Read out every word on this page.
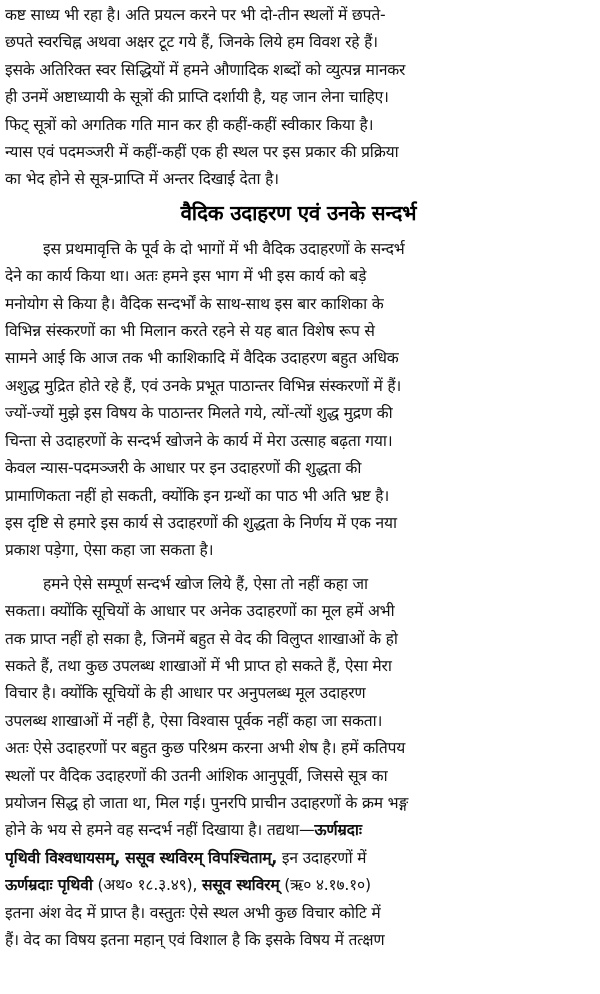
कष्ट साध्य भी रहा है। अति प्रयत्न करने पर भी दो-तीन स्थलों में छपते-
छपते स्वरचिह्न अथवा अक्षर टूट गये हैं, जिनके लिये हम विवश रहे हैं।
इसके अतिरिक्त स्वर सिद्धियों में हमने औणादिक शब्दों को व्युत्पन्न मानकर
ही उनमें अष्टाध्यायी के सूत्रों की प्राप्ति दर्शायी है, यह जान लेना चाहिए।
फिट् सूत्रों को अगतिक गति मान कर ही कहीं-कहीं स्वीकार किया है।
न्यास एवं पदमञ्जरी में कहीं-कहीं एक ही स्थल पर इस प्रकार की प्रक्रिया
का भेद होने से सूत्र-प्राप्ति में अन्तर दिखाई देता है।
वैदिक उदाहरण एवं उनके सन्दर्भ
इस प्रथमावृत्ति के पूर्व के दो भागों में भी वैदिक उदाहरणों के सन्दर्भ
देने का कार्य किया था। अतः हमने इस भाग में भी इस कार्य को बड़े
मनोयोग से किया है। वैदिक सन्दर्भों के साथ-साथ इस बार काशिका के
विभिन्न संस्करणों का भी मिलान करते रहने से यह बात विशेष रूप से
सामने आई कि आज तक भी काशिकादि में वैदिक उदाहरण बहुत अधिक
अशुद्ध मुद्रित होते रहे हैं, एवं उनके प्रभूत पाठान्तर विभिन्न संस्करणों में हैं।
ज्यों-ज्यों मुझे इस विषय के पाठान्तर मिलते गये, त्यों-त्यों शुद्ध मुद्रण की
चिन्ता से उदाहरणों के सन्दर्भ खोजने के कार्य में मेरा उत्साह बढ़ता गया।
केवल न्यास-पदमञ्जरी के आधार पर इन उदाहरणों की शुद्धता की
प्रामाणिकता नहीं हो सकती, क्योंकि इन ग्रन्थों का पाठ भी अति भ्रष्ट है।
इस दृष्टि से हमारे इस कार्य से उदाहरणों की शुद्धता के निर्णय में एक नया
प्रकाश पड़ेगा, ऐसा कहा जा सकता है।
हमने ऐसे सम्पूर्ण सन्दर्भ खोज लिये हैं, ऐसा तो नहीं कहा जा
सकता। क्योंकि सूचियों के आधार पर अनेक उदाहरणों का मूल हमें अभी
तक प्राप्त नहीं हो सका है, जिनमें बहुत से वेद की विलुप्त शाखाओं के हो
सकते हैं, तथा कुछ उपलब्ध शाखाओं में भी प्राप्त हो सकते हैं, ऐसा मेरा
विचार है। क्योंकि सूचियों के ही आधार पर अनुपलब्ध मूल उदाहरण
उपलब्ध शाखाओं में नहीं है, ऐसा विश्वास पूर्वक नहीं कहा जा सकता।
अतः ऐसे उदाहरणों पर बहुत कुछ परिश्रम करना अभी शेष है। हमें कतिपय
स्थलों पर वैदिक उदाहरणों की उतनी आंशिक आनुपूर्वी, जिससे सूत्र का
प्रयोजन सिद्ध हो जाता था, मिल गई। पुनरपि प्राचीन उदाहरणों के क्रम भङ्ग
होने के भय से हमने वह सन्दर्भ नहीं दिखाया है। तद्यथा—ऊर्णम्रदाः
पृथिवी विश्वधायसम्, ससूव स्थविरम् विपश्चिताम्, इन उदाहरणों में
ऊर्णम्रदाः पृथिवी (अथ० १८.३.४९), ससूव स्थविरम् (ऋ० ४.१७.१०)
इतना अंश वेद में प्राप्त है। वस्तुतः ऐसे स्थल अभी कुछ विचार कोटि में
हैं। वेद का विषय इतना महान् एवं विशाल है कि इसके विषय में तत्क्षण
